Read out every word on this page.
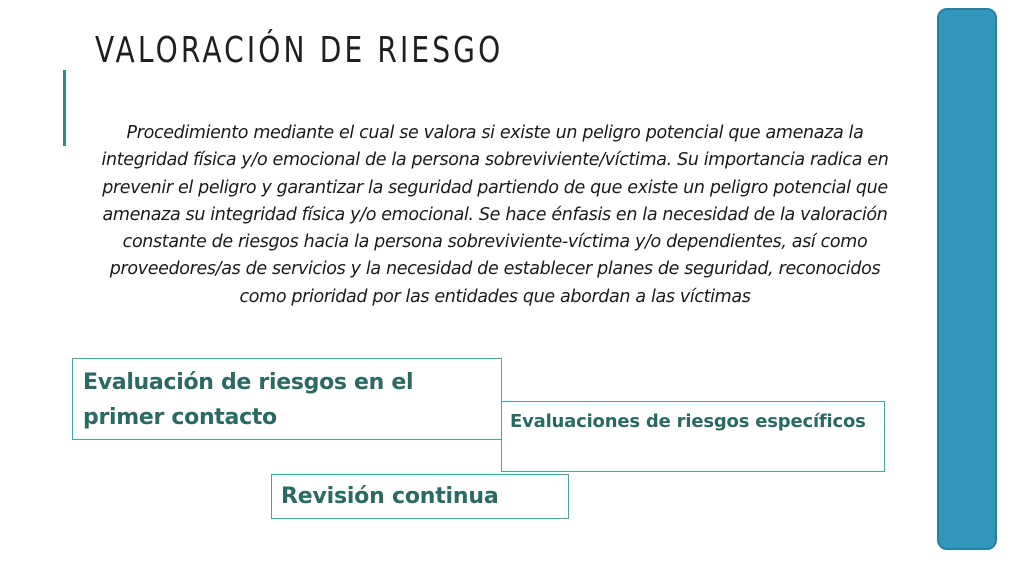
VALORACIÓN DE RIESGO

Procedimiento mediante el cual se valora si existe un peligro potencial que amenaza la integridad física y/o emocional de la persona sobreviviente/víctima. Su importancia radica en prevenir el peligro y garantizar la seguridad partiendo de que existe un peligro potencial que amenaza su integridad física y/o emocional. Se hace énfasis en la necesidad de la valoración constante de riesgos hacia la persona sobreviviente-víctima y/o dependientes, así como proveedores/as de servicios y la necesidad de establecer planes de seguridad, reconocidos como prioridad por las entidades que abordan a las víctimas

Evaluación de riesgos en el primer contacto	Evaluaciones de riesgos específicos
Revisión continua
